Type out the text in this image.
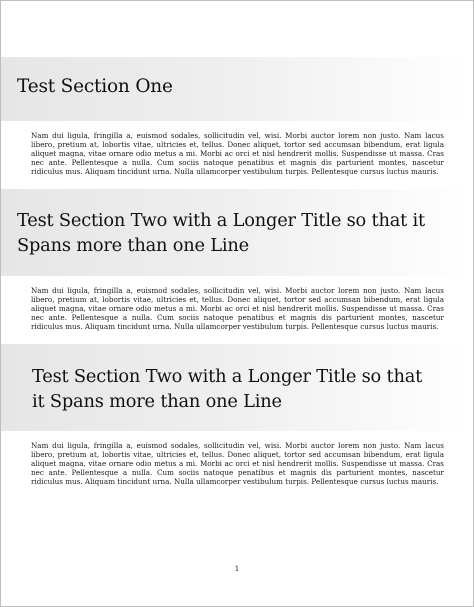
Test Section One

Nam dui ligula, fringilla a, euismod sodales, sollicitudin vel, wisi. Morbi auctor lorem non justo. Nam lacus libero, pretium at, lobortis vitae, ultricies et, tellus. Donec aliquet, tortor sed accumsan bibendum, erat ligula aliquet magna, vitae ornare odio metus a mi. Morbi ac orci et nisl hendrerit mollis. Suspendisse ut massa. Cras nec ante. Pellentesque a nulla. Cum sociis natoque penatibus et magnis dis parturient montes, nascetur ridiculus mus. Aliquam tincidunt urna. Nulla ullamcorper vestibulum turpis. Pellentesque cursus luctus mauris.

Test Section Two with a Longer Title so that it Spans more than one Line

Nam dui ligula, fringilla a, euismod sodales, sollicitudin vel, wisi. Morbi auctor lorem non justo. Nam lacus libero, pretium at, lobortis vitae, ultricies et, tellus. Donec aliquet, tortor sed accumsan bibendum, erat ligula aliquet magna, vitae ornare odio metus a mi. Morbi ac orci et nisl hendrerit mollis. Suspendisse ut massa. Cras nec ante. Pellentesque a nulla. Cum sociis natoque penatibus et magnis dis parturient montes, nascetur ridiculus mus. Aliquam tincidunt urna. Nulla ullamcorper vestibulum turpis. Pellentesque cursus luctus mauris.

Test Section Two with a Longer Title so that it Spans more than one Line

Nam dui ligula, fringilla a, euismod sodales, sollicitudin vel, wisi. Morbi auctor lorem non justo. Nam lacus libero, pretium at, lobortis vitae, ultricies et, tellus. Donec aliquet, tortor sed accumsan bibendum, erat ligula aliquet magna, vitae ornare odio metus a mi. Morbi ac orci et nisl hendrerit mollis. Suspendisse ut massa. Cras nec ante. Pellentesque a nulla. Cum sociis natoque penatibus et magnis dis parturient montes, nascetur ridiculus mus. Aliquam tincidunt urna. Nulla ullamcorper vestibulum turpis. Pellentesque cursus luctus mauris.

1
